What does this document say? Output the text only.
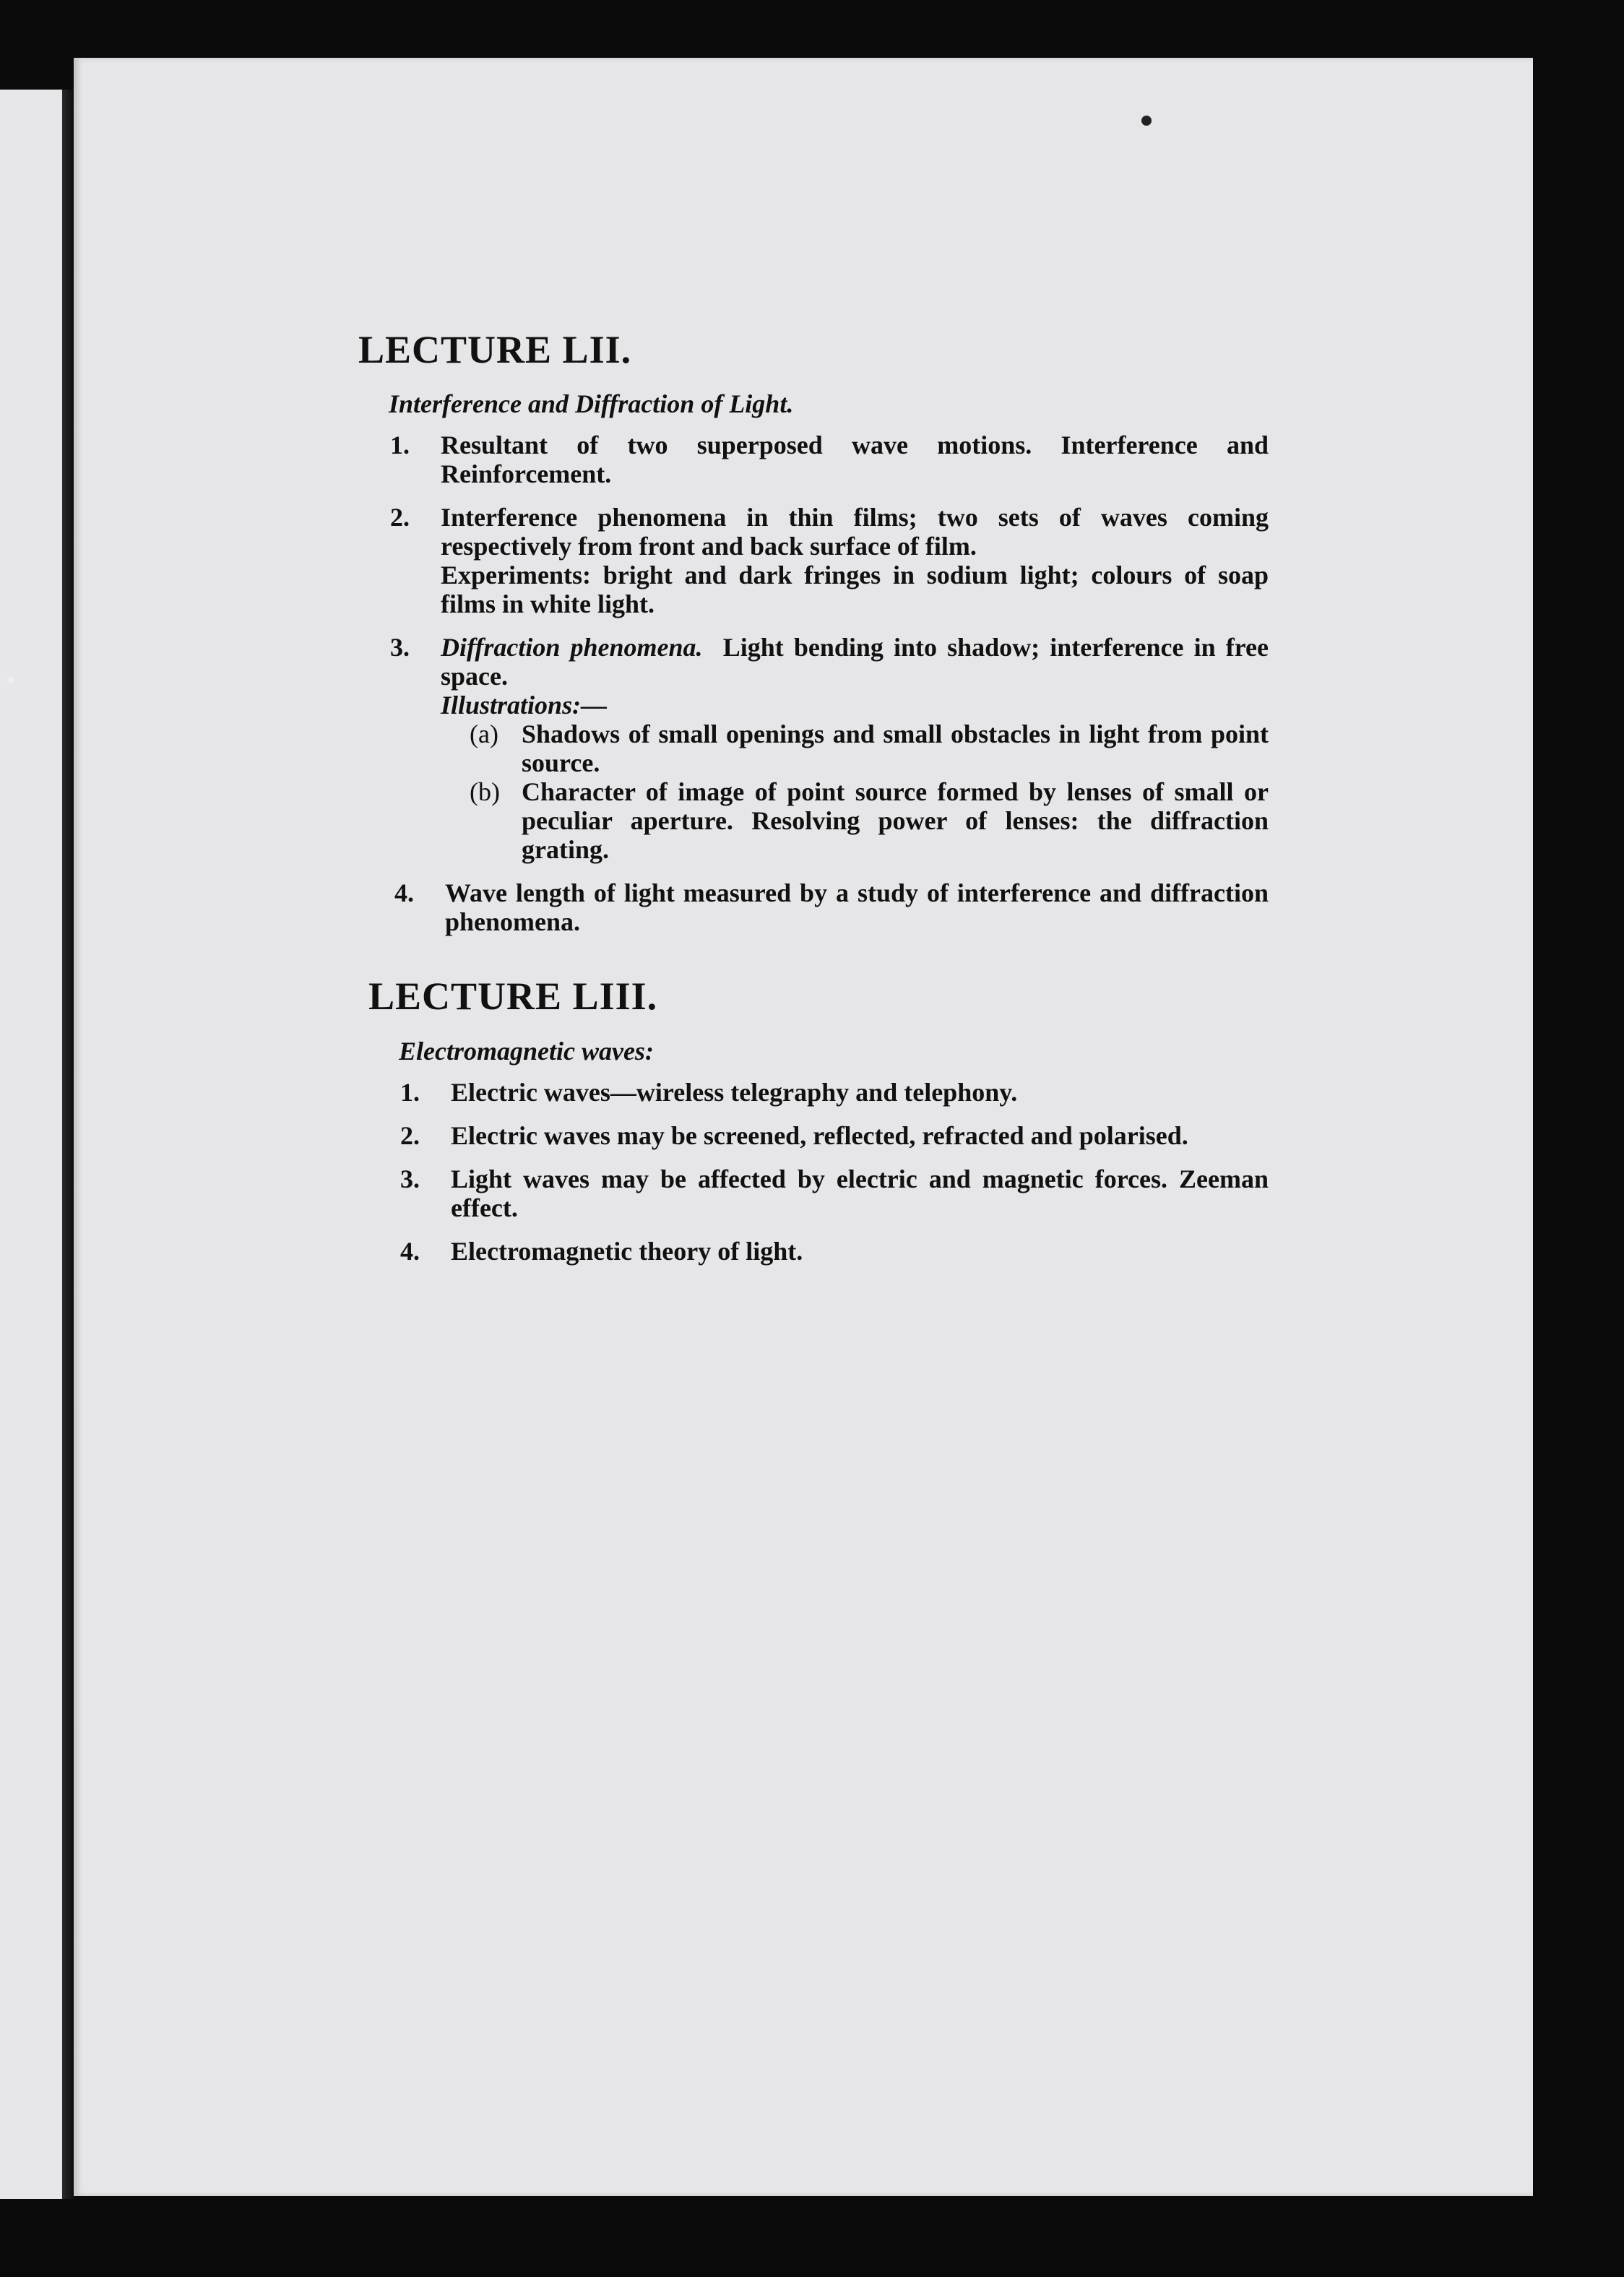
LECTURE LII.
Interference and Diffraction of Light.
1.	Resultant of two superposed wave motions. Interference and Reinforcement.
2.	Interference phenomena in thin films; two sets of waves coming respectively from front and back surface of film.
Experiments: bright and dark fringes in sodium light; colours of soap films in white light.
3.	Diffraction phenomena. Light bending into shadow; interference in free space.
Illustrations:—
(a) Shadows of small openings and small obstacles in light from point source.
(b) Character of image of point source formed by lenses of small or peculiar aperture. Resolving power of lenses: the diffraction grating.
4.	Wave length of light measured by a study of interference and diffraction phenomena.
LECTURE LIII.
Electromagnetic waves:
1.	Electric waves—wireless telegraphy and telephony.
2.	Electric waves may be screened, reflected, refracted and polarised.
3.	Light waves may be affected by electric and magnetic forces. Zeeman effect.
4.	Electromagnetic theory of light.
